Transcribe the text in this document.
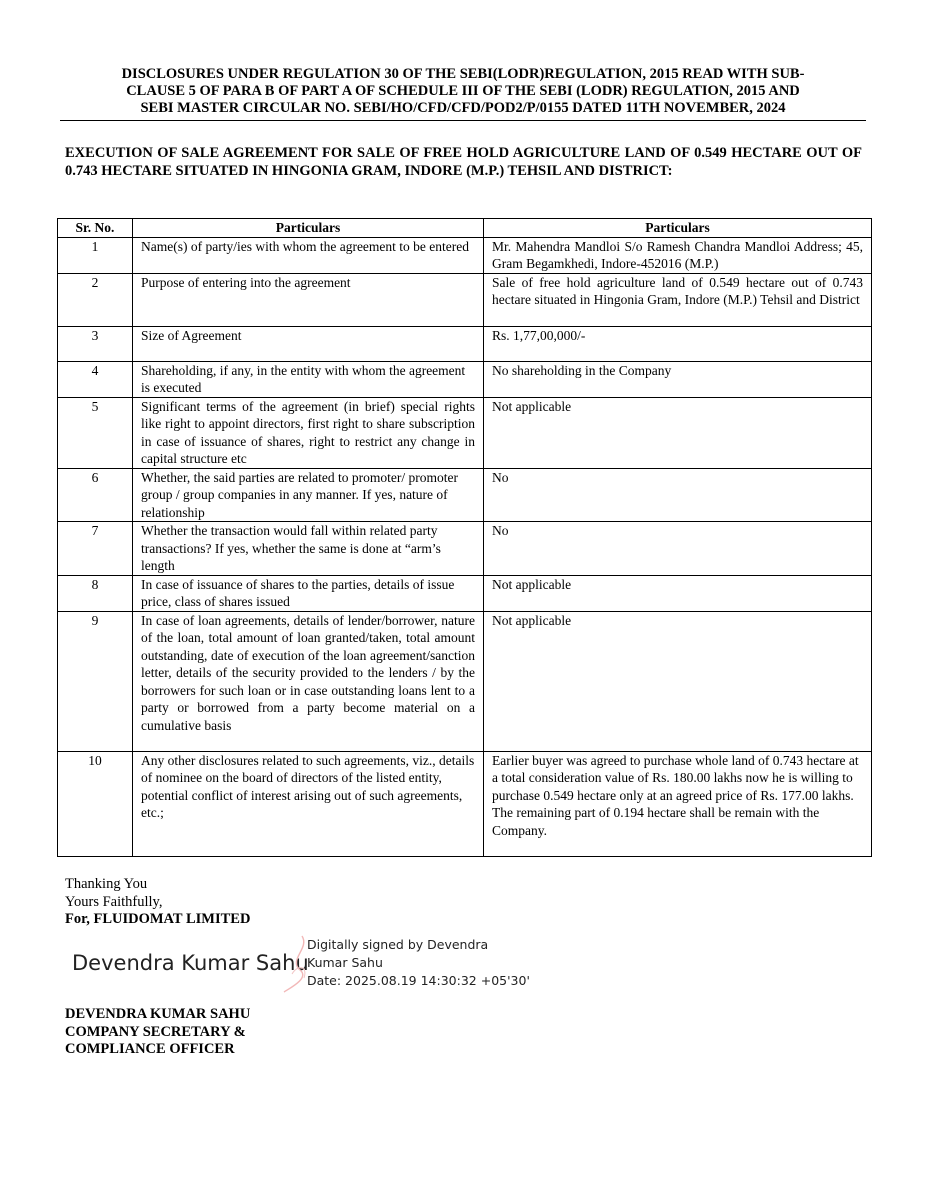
DISCLOSURES UNDER REGULATION 30 OF THE SEBI(LODR)REGULATION, 2015 READ WITH SUB-
CLAUSE 5 OF PARA B OF PART A OF SCHEDULE III OF THE SEBI (LODR) REGULATION, 2015 AND
SEBI MASTER CIRCULAR NO. SEBI/HO/CFD/CFD/POD2/P/0155 DATED 11TH NOVEMBER, 2024
EXECUTION OF SALE AGREEMENT FOR SALE OF FREE HOLD AGRICULTURE LAND OF 0.549 HECTARE OUT OF 0.743 HECTARE SITUATED IN HINGONIA GRAM, INDORE (M.P.) TEHSIL AND DISTRICT:
Sr. No.	Particulars	Particulars
1	Name(s) of party/ies with whom the agreement to be entered	Mr. Mahendra Mandloi S/o Ramesh Chandra Mandloi Address; 45, Gram Begamkhedi, Indore-452016 (M.P.)
2	Purpose of entering into the agreement	Sale of free hold agriculture land of 0.549 hectare out of 0.743 hectare situated in Hingonia Gram, Indore (M.P.) Tehsil and District
3	Size of Agreement	Rs. 1,77,00,000/-
4	Shareholding, if any, in the entity with whom the agreement is executed	No shareholding in the Company
5	Significant terms of the agreement (in brief) special rights like right to appoint directors, first right to share subscription in case of issuance of shares, right to restrict any change in capital structure etc	Not applicable
6	Whether, the said parties are related to promoter/ promoter group / group companies in any manner. If yes, nature of relationship	No
7	Whether the transaction would fall within related party transactions? If yes, whether the same is done at “arm’s length	No
8	In case of issuance of shares to the parties, details of issue price, class of shares issued	Not applicable
9	In case of loan agreements, details of lender/borrower, nature of the loan, total amount of loan granted/taken, total amount outstanding, date of execution of the loan agreement/sanction letter, details of the security provided to the lenders / by the borrowers for such loan or in case outstanding loans lent to a party or borrowed from a party become material on a cumulative basis	Not applicable
10	Any other disclosures related to such agreements, viz., details of nominee on the board of directors of the listed entity, potential conflict of interest arising out of such agreements, etc.;	Earlier buyer was agreed to purchase whole land of 0.743 hectare at a total consideration value of Rs. 180.00 lakhs now he is willing to purchase 0.549 hectare only at an agreed price of Rs. 177.00 lakhs.
The remaining part of 0.194 hectare shall be remain with the Company.
Thanking You
Yours Faithfully,
For, FLUIDOMAT LIMITED
Devendra Kumar Sahu
Digitally signed by Devendra
Kumar Sahu
Date: 2025.08.19 14:30:32 +05'30'
DEVENDRA KUMAR SAHU
COMPANY SECRETARY &
COMPLIANCE OFFICER
